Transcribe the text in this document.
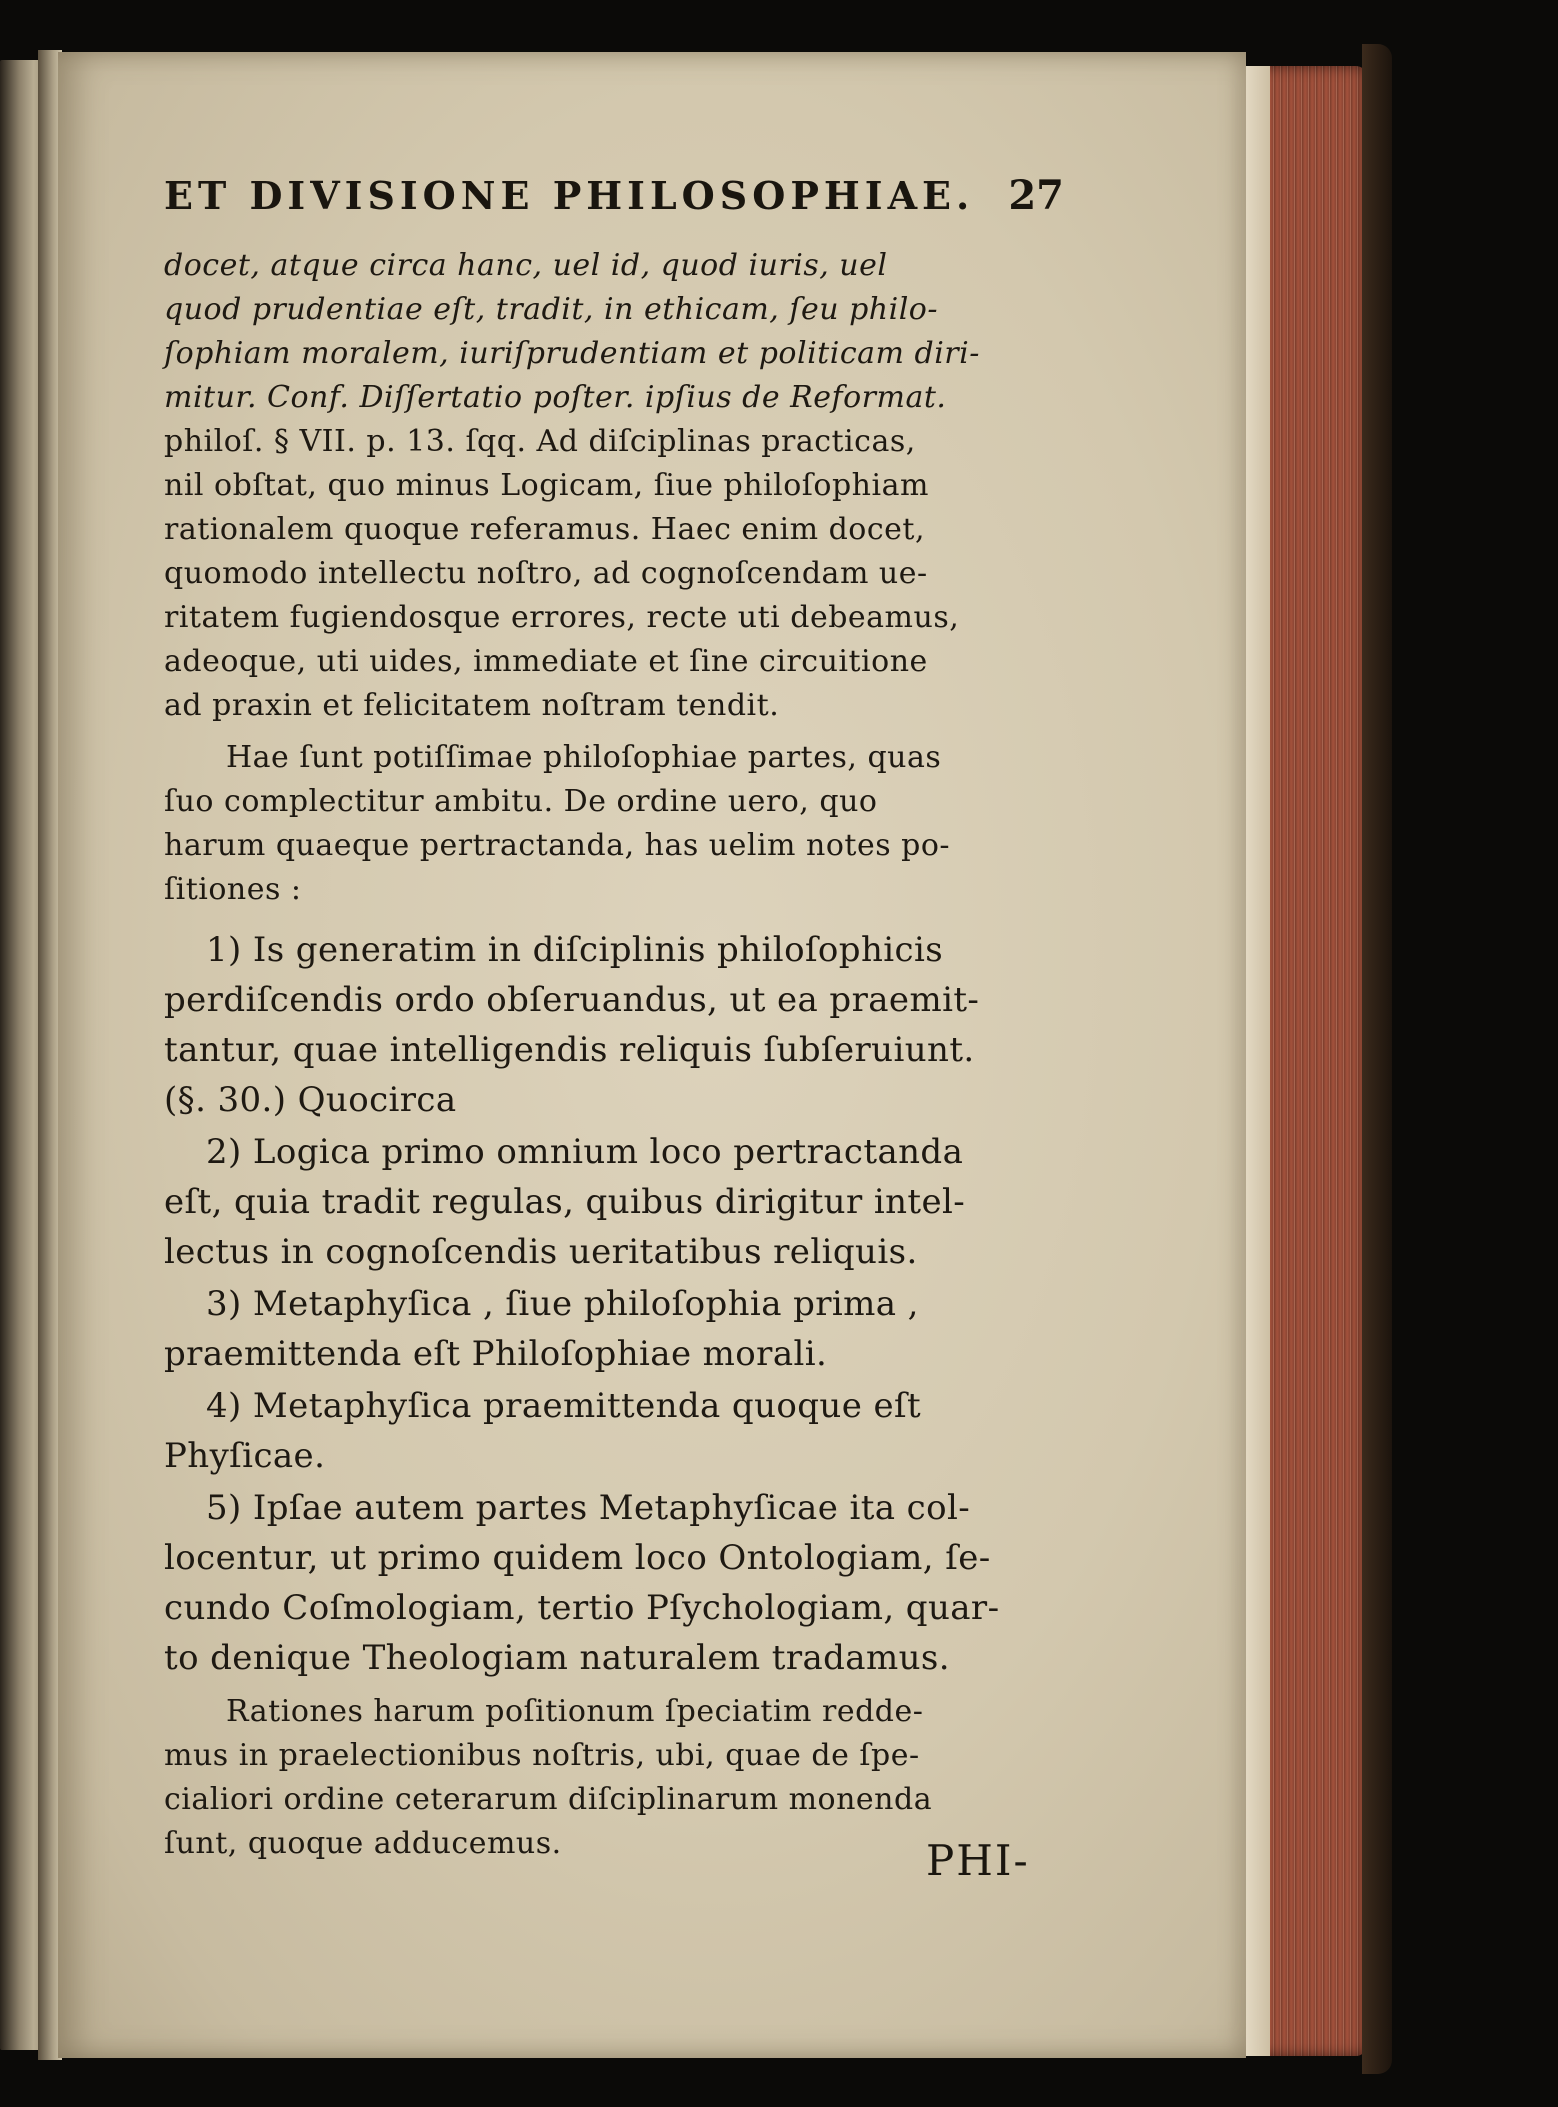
ET DIVISIONE PHILOSOPHIAE. 27
docet, atque circa hanc, uel id, quod iuris, uel
quod prudentiae eſt, tradit, in ethicam, ſeu philo-
ſophiam moralem, iuriſprudentiam et politicam diri-
mitur. Conf. Diſſertatio poſter. ipſius de Reformat.
philoſ. § VII. p. 13. ſqq. Ad diſciplinas practicas,
nil obſtat, quo minus Logicam, ſiue philoſophiam
rationalem quoque referamus. Haec enim docet,
quomodo intellectu noſtro, ad cognoſcendam ue-
ritatem fugiendosque errores, recte uti debeamus,
adeoque, uti uides, immediate et ſine circuitione
ad praxin et felicitatem noſtram tendit.
Hae ſunt potiſſimae philoſophiae partes, quas
ſuo complectitur ambitu. De ordine uero, quo
harum quaeque pertractanda, has uelim notes po-
ſitiones :
1) Is generatim in diſciplinis philoſophicis
perdiſcendis ordo obſeruandus, ut ea praemit-
tantur, quae intelligendis reliquis ſubſeruiunt.
(§. 30.) Quocirca
2) Logica primo omnium loco pertractanda
eſt, quia tradit regulas, quibus dirigitur intel-
lectus in cognoſcendis ueritatibus reliquis.
3) Metaphyſica , ſiue philoſophia prima ,
praemittenda eſt Philoſophiae morali.
4) Metaphyſica praemittenda quoque eſt
Phyſicae.
5) Ipſae autem partes Metaphyſicae ita col-
locentur, ut primo quidem loco Ontologiam, ſe-
cundo Coſmologiam, tertio Pſychologiam, quar-
to denique Theologiam naturalem tradamus.
Rationes harum poſitionum ſpeciatim redde-
mus in praelectionibus noſtris, ubi, quae de ſpe-
cialiori ordine ceterarum diſciplinarum monenda
ſunt, quoque adducemus.	PHI-
